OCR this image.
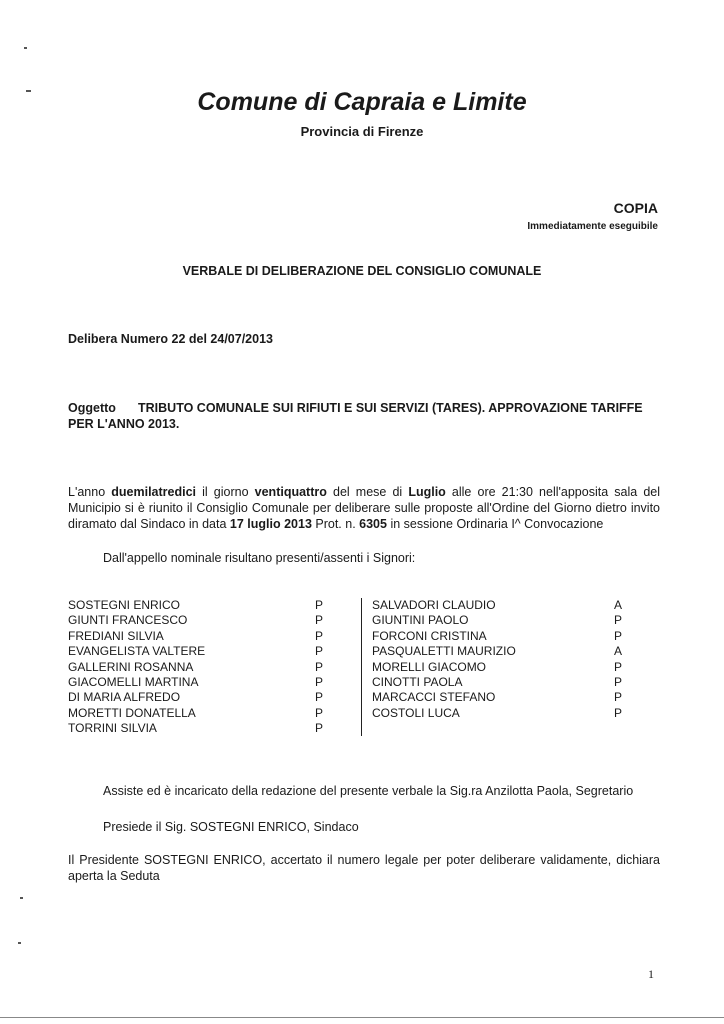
Comune di Capraia e Limite
Provincia di Firenze
COPIA
Immediatamente eseguibile
VERBALE DI DELIBERAZIONE DEL CONSIGLIO COMUNALE
Delibera Numero 22 del 24/07/2013
Oggetto TRIBUTO COMUNALE SUI RIFIUTI E SUI SERVIZI (TARES). APPROVAZIONE TARIFFE PER L'ANNO 2013.
L'anno duemilatredici il giorno ventiquattro del mese di Luglio alle ore 21:30 nell'apposita sala del Municipio si è riunito il Consiglio Comunale per deliberare sulle proposte all'Ordine del Giorno dietro invito diramato dal Sindaco in data 17 luglio 2013 Prot. n. 6305 in sessione Ordinaria I^ Convocazione
Dall'appello nominale risultano presenti/assenti i Signori:
SOSTEGNI ENRICO
GIUNTI FRANCESCO
FREDIANI SILVIA
EVANGELISTA VALTERE
GALLERINI ROSANNA
GIACOMELLI MARTINA
DI MARIA ALFREDO
MORETTI DONATELLA
TORRINI SILVIA
P
P
P
P
P
P
P
P
P
SALVADORI CLAUDIO
GIUNTINI PAOLO
FORCONI CRISTINA
PASQUALETTI MAURIZIO
MORELLI GIACOMO
CINOTTI PAOLA
MARCACCI STEFANO
COSTOLI LUCA
A
P
P
A
P
P
P
P
Assiste ed è incaricato della redazione del presente verbale la Sig.ra Anzilotta Paola, Segretario
Presiede il Sig. SOSTEGNI ENRICO, Sindaco
Il Presidente SOSTEGNI ENRICO, accertato il numero legale per poter deliberare validamente, dichiara aperta la Seduta
1
